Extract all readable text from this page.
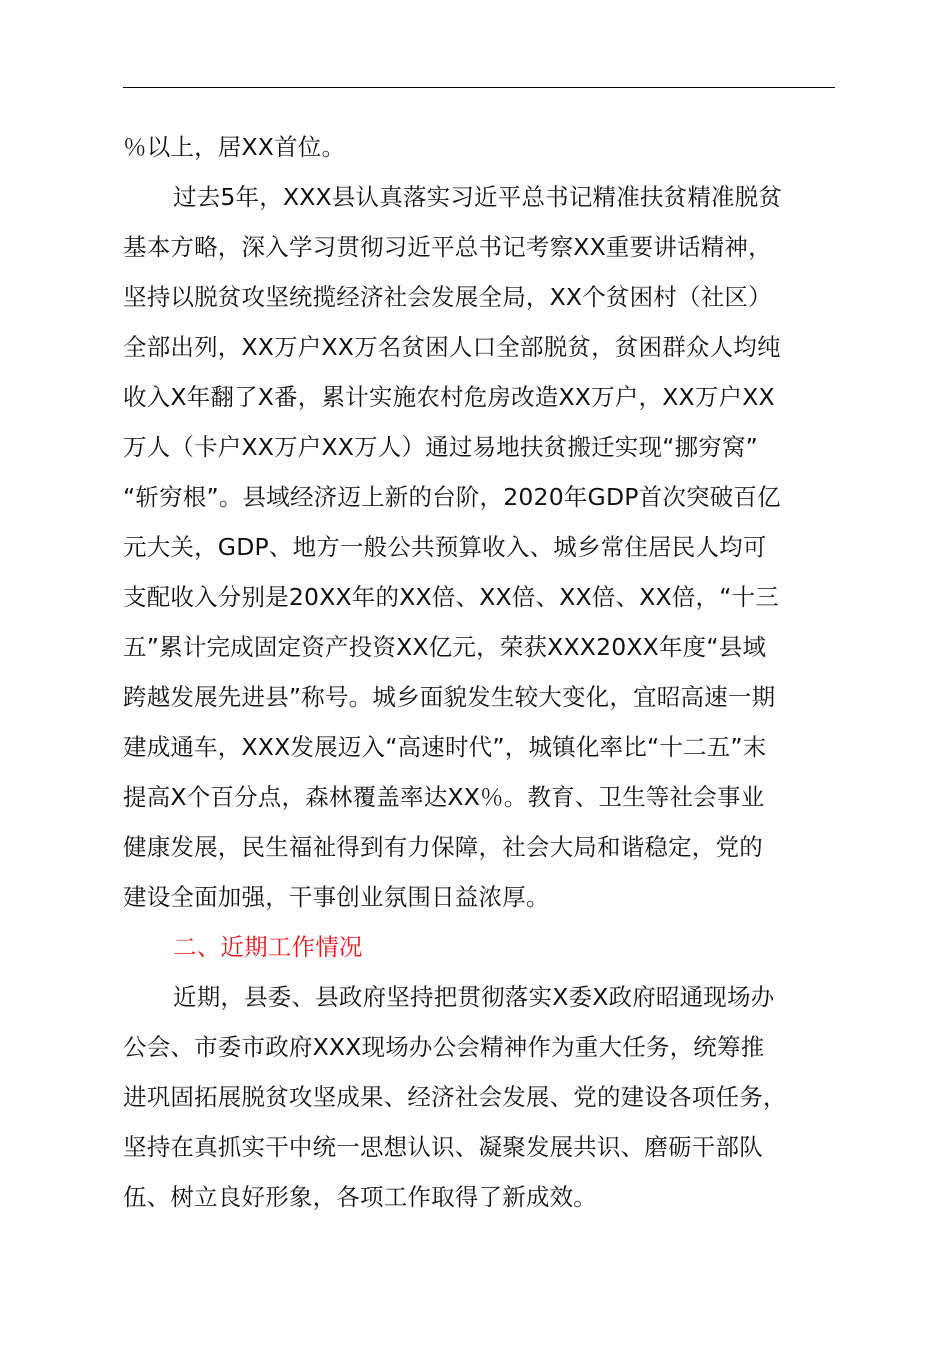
％以上，居XX首位。
过去5年，XXX县认真落实习近平总书记精准扶贫精准脱贫
基本方略，深入学习贯彻习近平总书记考察XX重要讲话精神，
坚持以脱贫攻坚统揽经济社会发展全局，XX个贫困村（社区）
全部出列，XX万户XX万名贫困人口全部脱贫，贫困群众人均纯
收入X年翻了X番，累计实施农村危房改造XX万户，XX万户XX
万人（卡户XX万户XX万人）通过易地扶贫搬迁实现“挪穷窝”
“斩穷根”。县域经济迈上新的台阶，2020年GDP首次突破百亿
元大关，GDP、地方一般公共预算收入、城乡常住居民人均可
支配收入分别是20XX年的XX倍、XX倍、XX倍、XX倍，“十三
五”累计完成固定资产投资XX亿元，荣获XXX20XX年度“县域
跨越发展先进县”称号。城乡面貌发生较大变化，宜昭高速一期
建成通车，XXX发展迈入“高速时代”，城镇化率比“十二五”末
提高X个百分点，森林覆盖率达XX％。教育、卫生等社会事业
健康发展，民生福祉得到有力保障，社会大局和谐稳定，党的
建设全面加强，干事创业氛围日益浓厚。
二、近期工作情况
近期，县委、县政府坚持把贯彻落实X委X政府昭通现场办
公会、市委市政府XXX现场办公会精神作为重大任务，统筹推
进巩固拓展脱贫攻坚成果、经济社会发展、党的建设各项任务，
坚持在真抓实干中统一思想认识、凝聚发展共识、磨砺干部队
伍、树立良好形象，各项工作取得了新成效。
